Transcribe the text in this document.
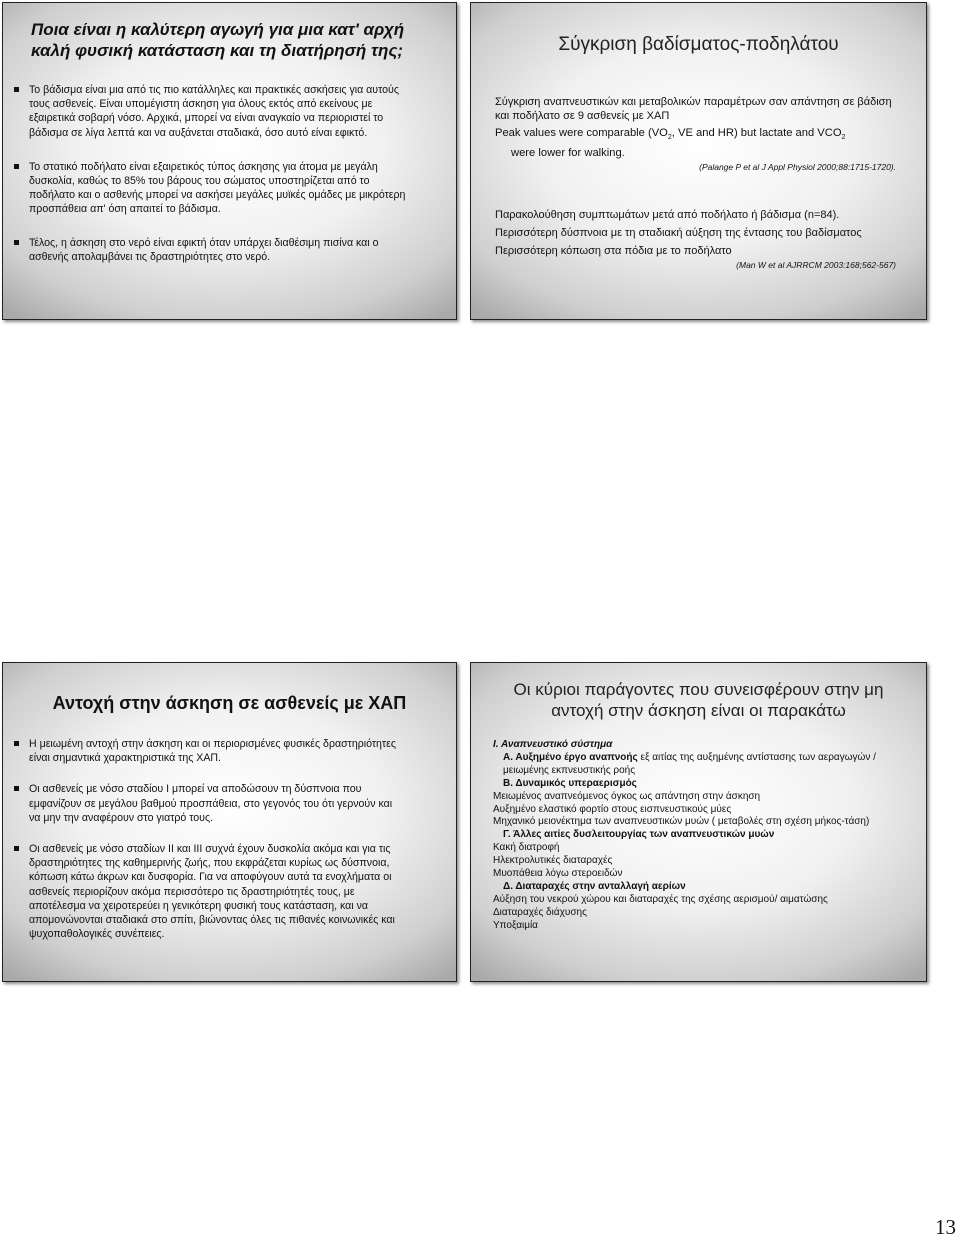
Ποια είναι η καλύτερη αγωγή για μια κατ' αρχή καλή φυσική κατάσταση και τη διατήρησή της;
Το βάδισμα είναι μια από τις πιο κατάλληλες και πρακτικές ασκήσεις για αυτούς τους ασθενείς. Είναι υπομέγιστη άσκηση για όλους εκτός από εκείνους με εξαιρετικά σοβαρή νόσο. Αρχικά, μπορεί να είναι αναγκαίο να περιοριστεί το βάδισμα σε λίγα λεπτά και να αυξάνεται σταδιακά, όσο αυτό είναι εφικτό.
Το στατικό ποδήλατο είναι εξαιρετικός τύπος άσκησης για άτομα με μεγάλη δυσκολία, καθώς το 85% του βάρους του σώματος υποστηρίζεται από το ποδήλατο και ο ασθενής μπορεί να ασκήσει μεγάλες μυϊκές ομάδες με μικρότερη προσπάθεια απ' όση απαιτεί το βάδισμα.
Τέλος, η άσκηση στο νερό είναι εφικτή όταν υπάρχει διαθέσιμη πισίνα και ο ασθενής απολαμβάνει τις δραστηριότητες στο νερό.
Σύγκριση βαδίσματος-ποδηλάτου
Σύγκριση αναπνευστικών και μεταβολικών παραμέτρων σαν απάντηση σε βάδιση και ποδήλατο σε 9 ασθενείς με ΧΑΠ
Peak values were comparable ($VO_2$, VE and HR) but lactate and $VCO_2$
were lower for walking.
(Palange P et al J Appl Physiol 2000;88:1715-1720).
Παρακολούθηση συμπτωμάτων μετά από ποδήλατο ή βάδισμα (n=84).
Περισσότερη δύσπνοια με τη σταδιακή αύξηση της έντασης του βαδίσματος
Περισσότερη κόπωση στα πόδια με το ποδήλατο
(Man W et al AJRRCM 2003:168;562-567)
Αντοχή στην άσκηση σε ασθενείς με ΧΑΠ
Η μειωμένη αντοχή στην άσκηση και οι περιορισμένες φυσικές δραστηριότητες είναι σημαντικά χαρακτηριστικά της ΧΑΠ.
Οι ασθενείς με νόσο σταδίου Ι μπορεί να αποδώσουν τη δύσπνοια που εμφανίζουν σε μεγάλου βαθμού προσπάθεια, στο γεγονός του ότι γερνούν και να μην την αναφέρουν στο γιατρό τους.
Οι ασθενείς με νόσο σταδίων ΙΙ και ΙΙΙ συχνά έχουν δυσκολία ακόμα και για τις δραστηριότητες της καθημερινής ζωής, που εκφράζεται κυρίως ως δύσπνοια, κόπωση κάτω άκρων και δυσφορία. Για να αποφύγουν αυτά τα ενοχλήματα οι ασθενείς περιορίζουν ακόμα περισσότερο τις δραστηριότητές τους, με αποτέλεσμα να χειροτερεύει η γενικότερη φυσική τους κατάσταση, και να απομονώνονται σταδιακά στο σπίτι, βιώνοντας όλες τις πιθανές κοινωνικές και ψυχοπαθολογικές συνέπειες.
Οι κύριοι παράγοντες που συνεισφέρουν στην μη αντοχή στην άσκηση είναι οι παρακάτω
Ι. Αναπνευστικό σύστημα
Α. Αυξημένο έργο αναπνοής εξ αιτίας της αυξημένης αντίστασης των αεραγωγών / μειωμένης εκπνευστικής ροής
Β. Δυναμικός υπεραερισμός
Μειωμένος αναπνεόμενος όγκος ως απάντηση στην άσκηση
Αυξημένο ελαστικό φορτίο στους εισπνευστικούς μύες
Μηχανικό μειονέκτημα των αναπνευστικών μυών ( μεταβολές στη σχέση μήκος-τάση)
Γ. Άλλες αιτίες δυσλειτουργίας των αναπνευστικών μυών
Κακή διατροφή
Ηλεκτρολυτικές διαταραχές
Μυοπάθεια λόγω στεροειδών
Δ. Διαταραχές στην ανταλλαγή αερίων
Αύξηση του νεκρού χώρου και διαταραχές της σχέσης αερισμού/ αιματώσης
Διαταραχές διάχυσης
Υποξαιμία
13
